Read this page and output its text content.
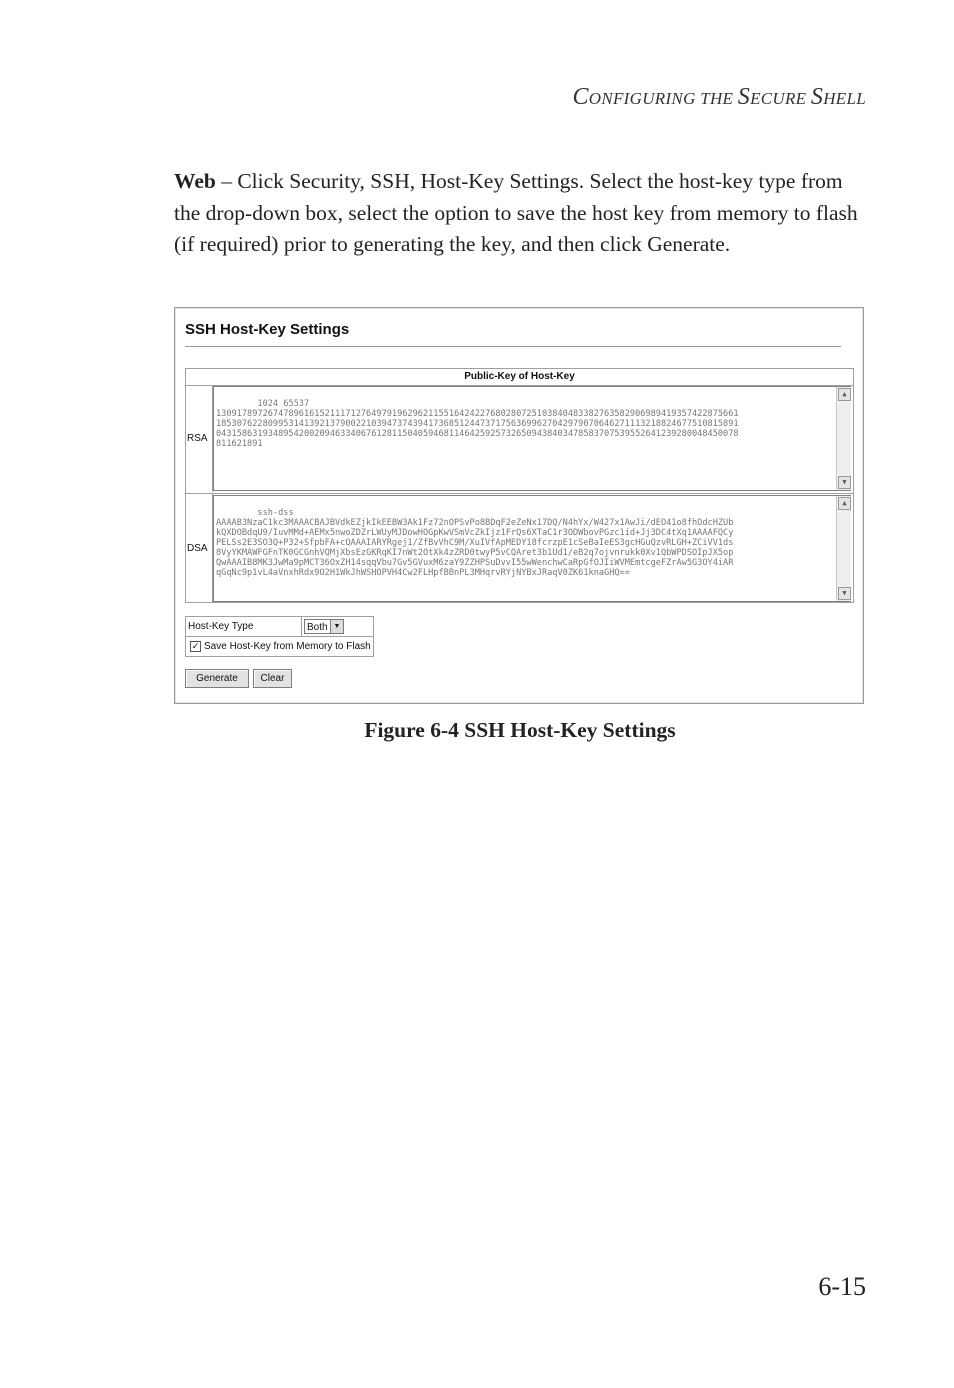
CONFIGURING THE SECURE SHELL
Web – Click Security, SSH, Host-Key Settings. Select the host-key type from the drop-down box, select the option to save the host key from memory to flash (if required) prior to generating the key, and then click Generate.
SSH Host-Key Settings
Public-Key of Host-Key
RSA

1024 65537
13091789726747896161521117127649791962962115516424227680280725103840483382763582906989419357422875661
18530762280995314139213790022103947374394173685124473717563699627042979070646271113218824677510815891
04315863193489542002094633406761281150405946811464259257326509438403478583707539552641239280048450078
811621891

▲

▼

DSA

ssh-dss
AAAAB3NzaC1kc3MAAACBAJBVdkEZjkIkEEBW3Ak1Fz72nOPSvPo8BDqF2eZeNx17DQ/N4hYx/W427x1AwJi/dEO41o8fhOdcHZUb
kQXDOBdqU9/IuvMMd+AEMx5nwoZDZrLWUyMJDowHOGpKwVSmVcZkIjz1FrQs6XTaC1r3ODWbovPGzc1id+Jj3DC4tXq1AAAAFQCy
PELSs2E3SO3Q+P32+SfpbFA+cQAAAIARYRgej1/ZfBvVhC9M/XuIVfApMEDY18fcrzpE1cSeBaIeES3gcHGuQzvRLGH+ZCiVV1ds
8VyYKMAWFGFnTK0GCGnhVQMjXbsEzGKRqKI7nWt2OtXk4zZRD0twyP5vCQAret3b1Ud1/eB2q7ojvnrukk0Xv1QbWPDSOIpJX5op
QwAAAIB8MK3JwMa9pMCT36OxZH14sqqVbu7Gv5GVuxM6zaY9ZZHPSuDvvI55wWenchwCaRpGfOJIiWVMEmtcgeFZrAw5G3OY4iAR
qGqNc9p1vL4aVnxhRdx9O2H1WkJhWSHOPVH4Cw2FLHpfBBnPL3MHqrvRYjNYBxJRaqV0ZK61knaGHQ==

▲

▼

Host-Key Type	Both ▼
✓ Save Host-Key from Memory to Flash
Generate	Clear
Figure 6-4 SSH Host-Key Settings
6-15
